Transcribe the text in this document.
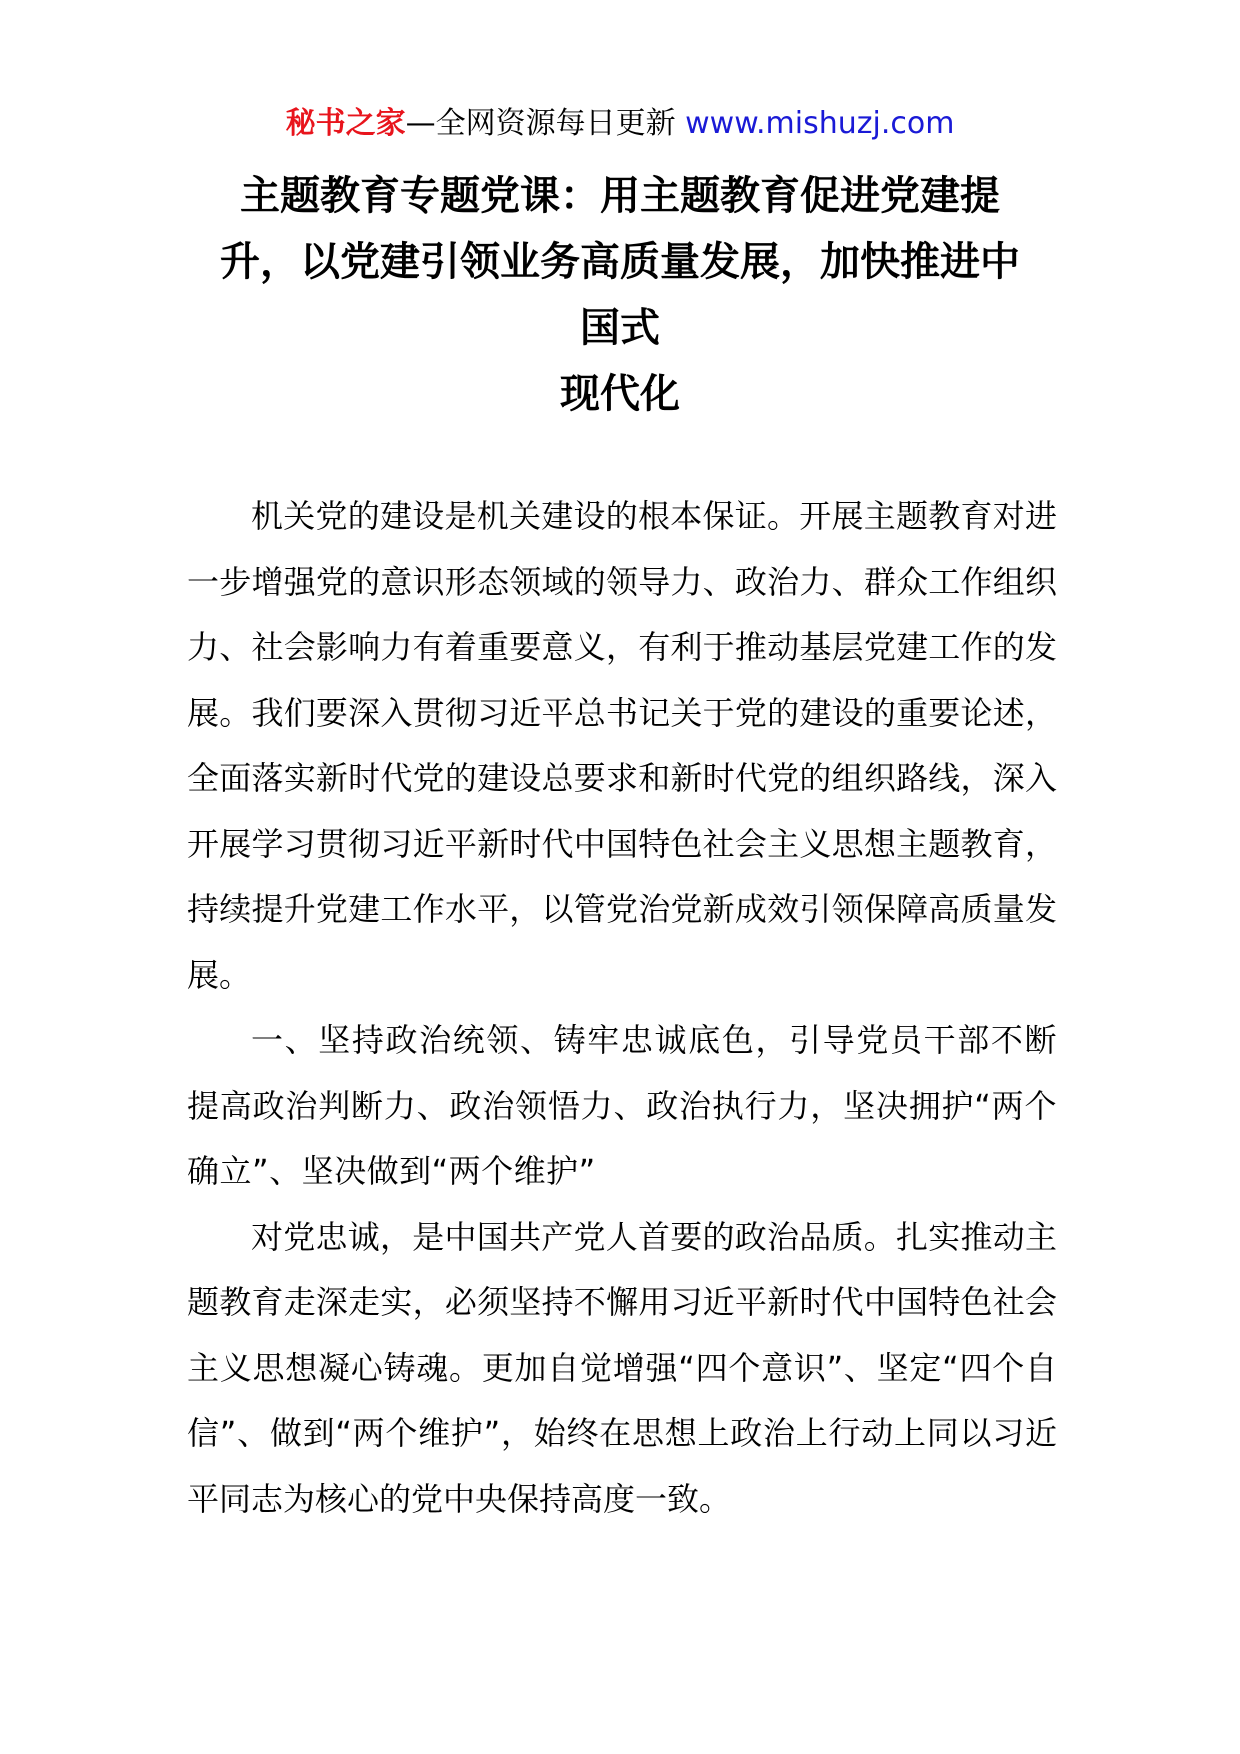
秘书之家—全网资源每日更新 www.mishuzj.com
主题教育专题党课：用主题教育促进党建提
升，以党建引领业务高质量发展，加快推进中
国式
现代化

机关党的建设是机关建设的根本保证。开展主题教育对进一步增强党的意识形态领域的领导力、政治力、群众工作组织力、社会影响力有着重要意义，有利于推动基层党建工作的发展。我们要深入贯彻习近平总书记关于党的建设的重要论述，全面落实新时代党的建设总要求和新时代党的组织路线，深入开展学习贯彻习近平新时代中国特色社会主义思想主题教育，持续提升党建工作水平，以管党治党新成效引领保障高质量发展。

一、坚持政治统领、铸牢忠诚底色，引导党员干部不断提高政治判断力、政治领悟力、政治执行力，坚决拥护“两个确立”、坚决做到“两个维护”

对党忠诚，是中国共产党人首要的政治品质。扎实推动主题教育走深走实，必须坚持不懈用习近平新时代中国特色社会主义思想凝心铸魂。更加自觉增强“四个意识”、坚定“四个自信”、做到“两个维护”，始终在思想上政治上行动上同以习近平同志为核心的党中央保持高度一致。
